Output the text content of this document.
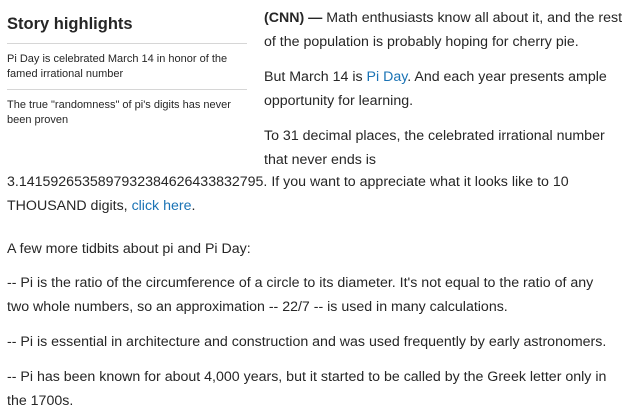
Story highlights
Pi Day is celebrated March 14 in honor of the famed irrational number
The true "randomness" of pi's digits has never been proven
(CNN) — Math enthusiasts know all about it, and the rest
of the population is probably hoping for cherry pie.
But March 14 is Pi Day. And each year presents ample
opportunity for learning.
To 31 decimal places, the celebrated irrational number
that never ends is
3.1415926535897932384626433832795. If you want to appreciate what it looks like to 10
THOUSAND digits, click here.
A few more tidbits about pi and Pi Day:
-- Pi is the ratio of the circumference of a circle to its diameter. It's not equal to the ratio of any
two whole numbers, so an approximation -- 22/7 -- is used in many calculations.
-- Pi is essential in architecture and construction and was used frequently by early astronomers.
-- Pi has been known for about 4,000 years, but it started to be called by the Greek letter only in
the 1700s.
